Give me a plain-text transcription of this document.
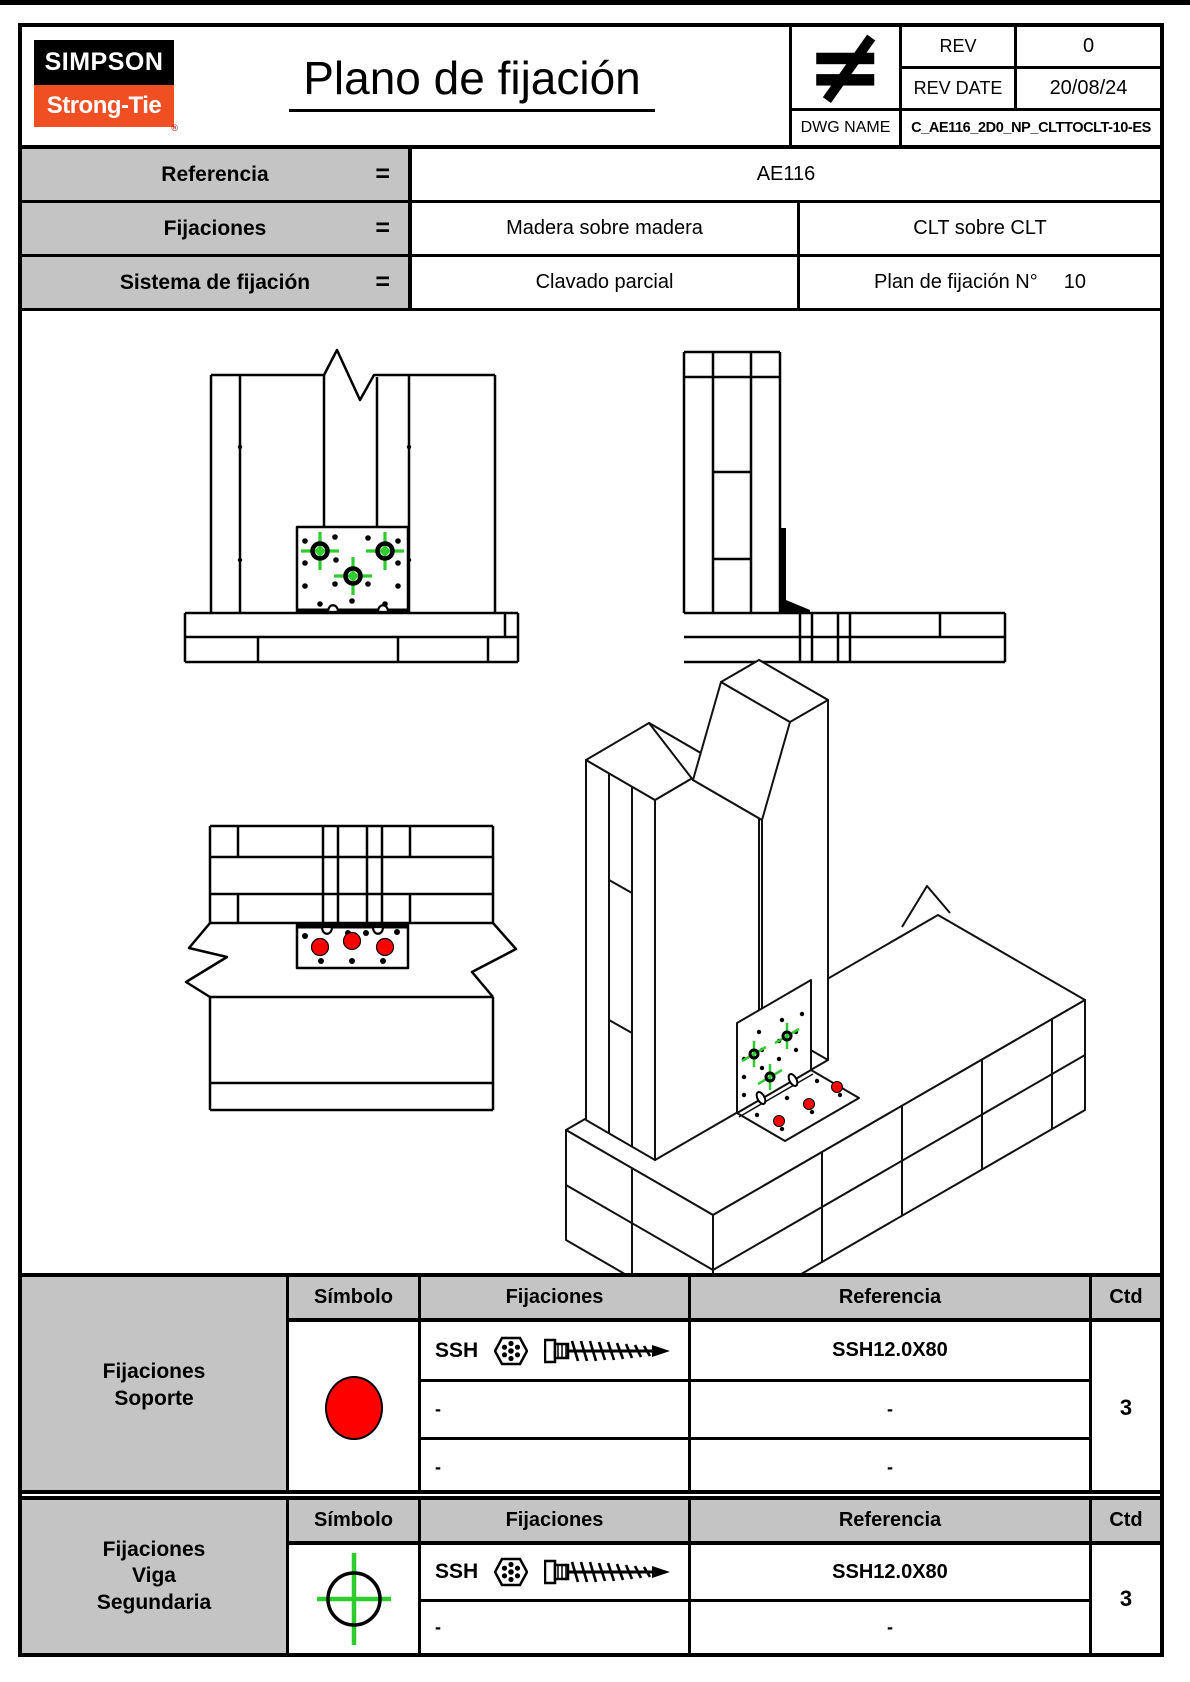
SIMPSON
Strong-Tie
®
Plano de fijación
REV	0
REV DATE	20/08/24
DWG NAME	C_AE116_2D0_NP_CLTTOCLT-10-ES
Referencia	=	AE116
Fijaciones	=	Madera sobre madera	CLT sobre CLT
Sistema de fijación	=	Clavado parcial	Plan de fijación N° 10
Fijaciones
Soporte
Símbolo	Fijaciones	Referencia	Ctd
SSH	SSH12.0X80
-	-
-	-
3
Fijaciones
Viga
Segundaria
Símbolo	Fijaciones	Referencia	Ctd
SSH	SSH12.0X80
-	-
3
